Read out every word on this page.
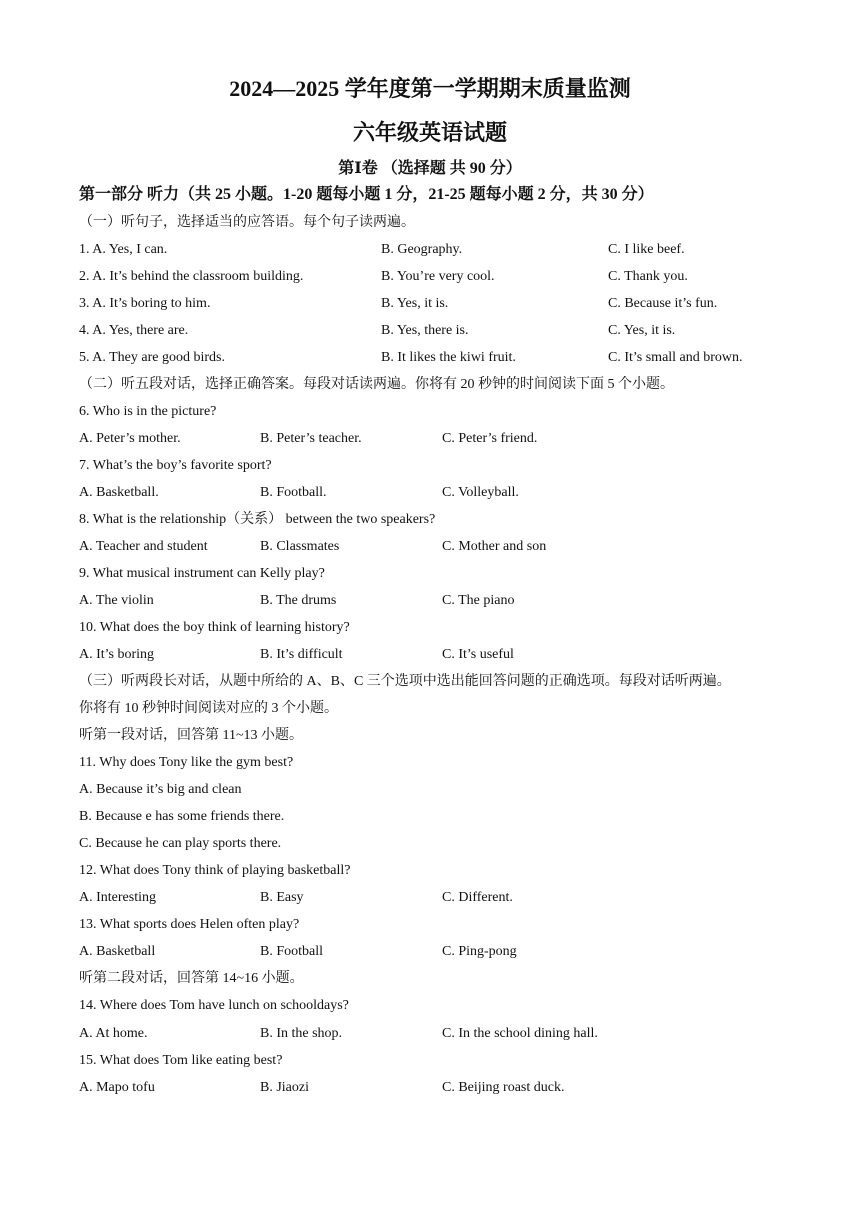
2024—2025 学年度第一学期期末质量监测
六年级英语试题
第Ⅰ卷 （选择题 共 90 分）
第一部分 听力（共 25 小题。1-20 题每小题 1 分，21-25 题每小题 2 分，共 30 分）
（一）听句子，选择适当的应答语。每个句子读两遍。
1. A. Yes, I can.	B. Geography.	C. I like beef.
2. A. It’s behind the classroom building.	B. You’re very cool.	C. Thank you.
3. A. It’s boring to him.	B. Yes, it is.	C. Because it’s fun.
4. A. Yes, there are.	B. Yes, there is.	C. Yes, it is.
5. A. They are good birds.	B. It likes the kiwi fruit.	C. It’s small and brown.
（二）听五段对话，选择正确答案。每段对话读两遍。你将有 20 秒钟的时间阅读下面 5 个小题。
6. Who is in the picture?
A. Peter’s mother.	B. Peter’s teacher.	C. Peter’s friend.
7. What’s the boy’s favorite sport?
A. Basketball.	B. Football.	C. Volleyball.
8. What is the relationship（关系） between the two speakers?
A. Teacher and student	B. Classmates	C. Mother and son
9. What musical instrument can Kelly play?
A. The violin	B. The drums	C. The piano
10. What does the boy think of learning history?
A. It’s boring	B. It’s difficult	C. It’s useful
（三）听两段长对话，从题中所给的 A、B、C 三个选项中选出能回答问题的正确选项。每段对话听两遍。
你将有 10 秒钟时间阅读对应的 3 个小题。
听第一段对话，回答第 11~13 小题。
11. Why does Tony like the gym best?
A. Because it’s big and clean
B. Because e has some friends there.
C. Because he can play sports there.
12. What does Tony think of playing basketball?
A. Interesting	B. Easy	C. Different.
13. What sports does Helen often play?
A. Basketball	B. Football	C. Ping-pong
听第二段对话，回答第 14~16 小题。
14. Where does Tom have lunch on schooldays?
A. At home.	B. In the shop.	C. In the school dining hall.
15. What does Tom like eating best?
A. Mapo tofu	B. Jiaozi	C. Beijing roast duck.
